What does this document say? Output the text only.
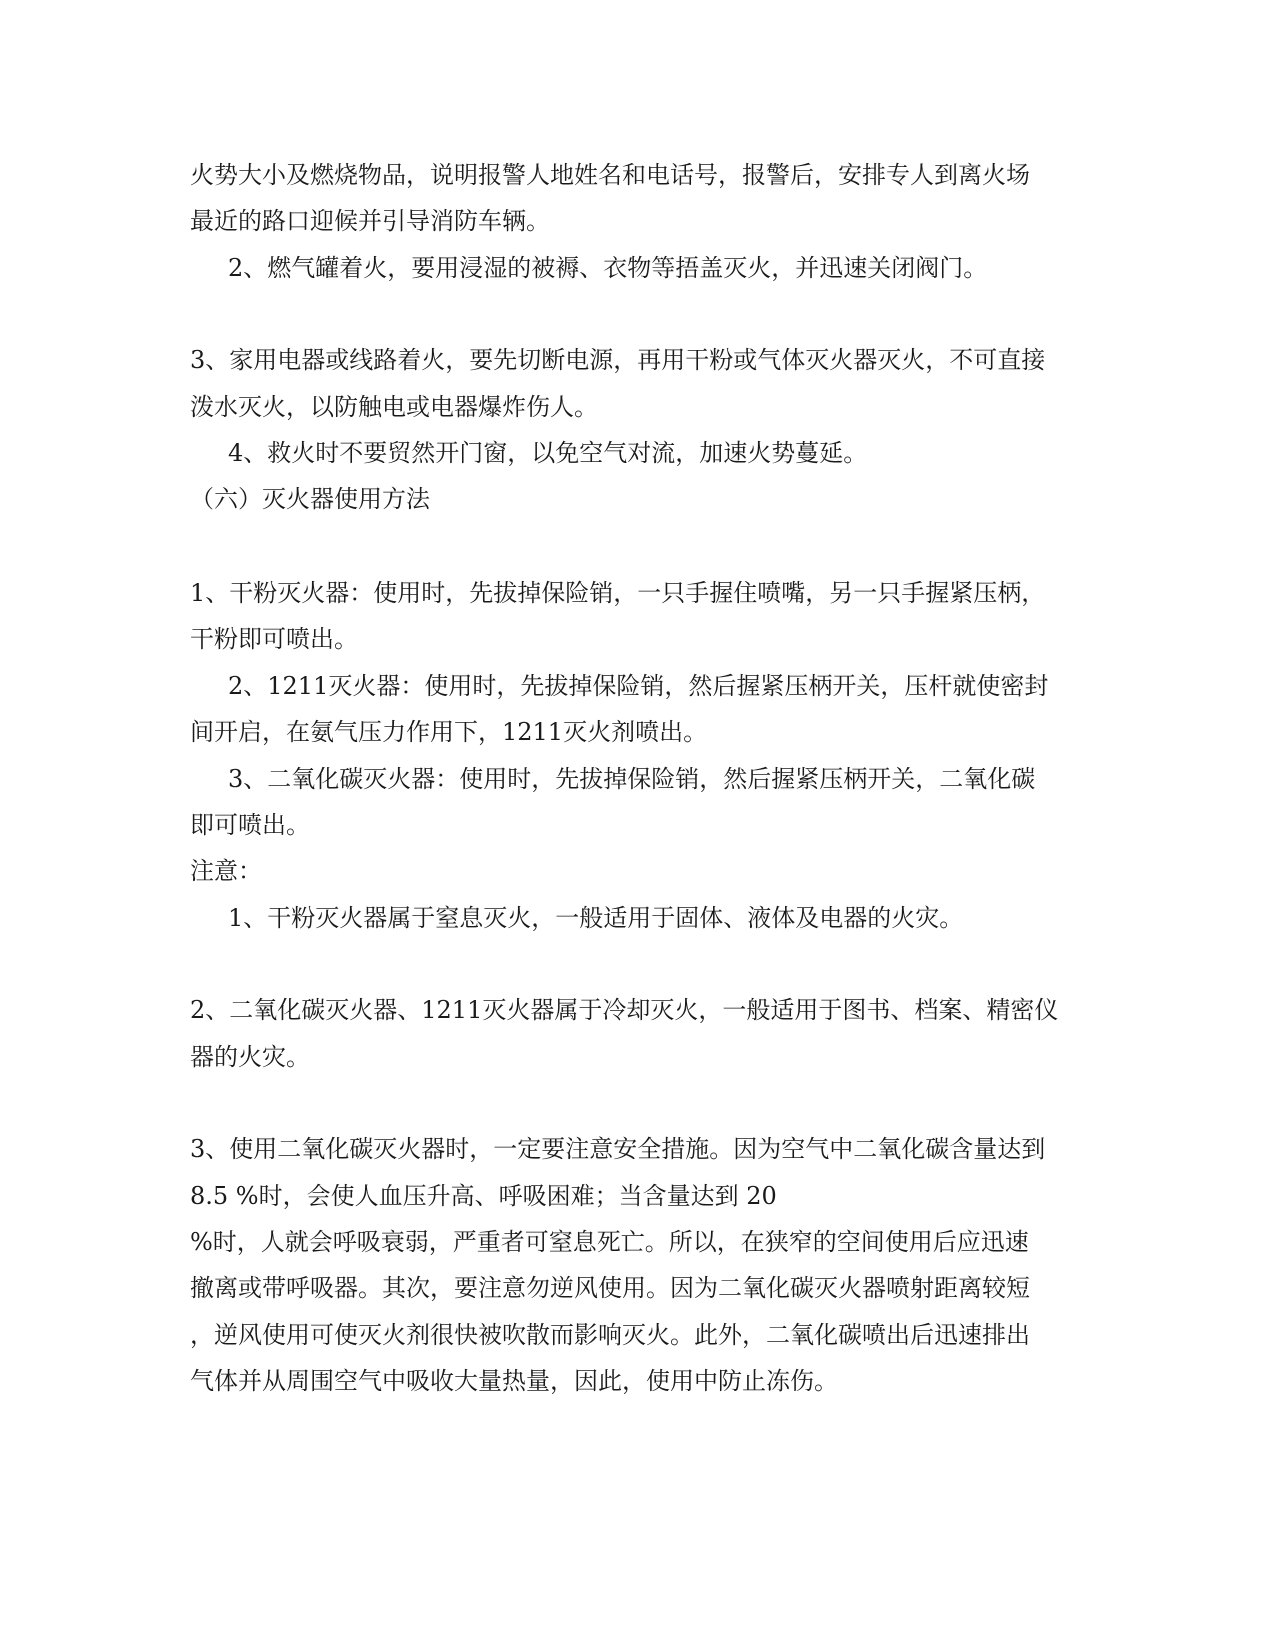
火势大小及燃烧物品，说明报警人地姓名和电话号，报警后，安排专人到离火场
最近的路口迎候并引导消防车辆。
2、燃气罐着火，要用浸湿的被褥、衣物等捂盖灭火，并迅速关闭阀门。
3、家用电器或线路着火，要先切断电源，再用干粉或气体灭火器灭火，不可直接
泼水灭火，以防触电或电器爆炸伤人。
4、救火时不要贸然开门窗，以免空气对流，加速火势蔓延。
（六）灭火器使用方法
1、干粉灭火器：使用时，先拔掉保险销，一只手握住喷嘴，另一只手握紧压柄，
干粉即可喷出。
2、1211灭火器：使用时，先拔掉保险销，然后握紧压柄开关，压杆就使密封
间开启，在氨气压力作用下，1211灭火剂喷出。
3、二氧化碳灭火器：使用时，先拔掉保险销，然后握紧压柄开关，二氧化碳
即可喷出。
注意：
1、干粉灭火器属于窒息灭火，一般适用于固体、液体及电器的火灾。
2、二氧化碳灭火器、1211灭火器属于冷却灭火，一般适用于图书、档案、精密仪
器的火灾。
3、使用二氧化碳灭火器时，一定要注意安全措施。因为空气中二氧化碳含量达到
8.5 %时，会使人血压升高、呼吸困难；当含量达到 20
%时，人就会呼吸衰弱，严重者可窒息死亡。所以，在狭窄的空间使用后应迅速
撤离或带呼吸器。其次，要注意勿逆风使用。因为二氧化碳灭火器喷射距离较短
，逆风使用可使灭火剂很快被吹散而影响灭火。此外，二氧化碳喷出后迅速排出
气体并从周围空气中吸收大量热量，因此，使用中防止冻伤。
